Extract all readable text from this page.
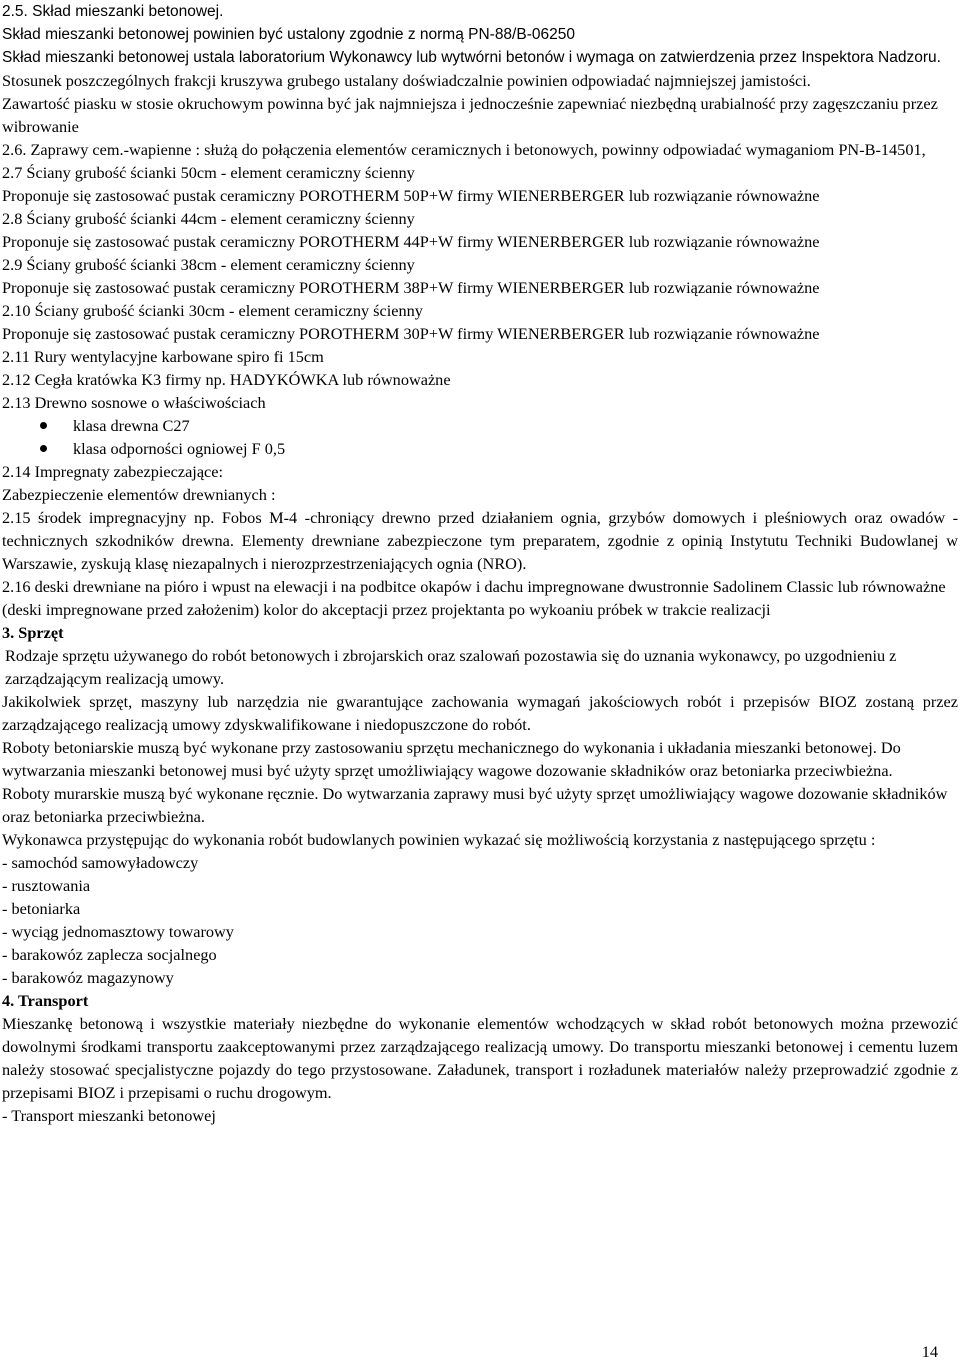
2.5. Skład mieszanki betonowej.

Skład mieszanki betonowej powinien być ustalony zgodnie z normą PN-88/B-06250

Skład mieszanki betonowej ustala laboratorium Wykonawcy lub wytwórni betonów i wymaga on zatwierdzenia przez Inspektora Nadzoru.

Stosunek poszczególnych frakcji kruszywa grubego ustalany doświadczalnie powinien odpowiadać najmniejszej jamistości.

Zawartość piasku w stosie okruchowym powinna być jak najmniejsza i jednocześnie zapewniać niezbędną urabialność przy zagęszczaniu przez wibrowanie

2.6. Zaprawy cem.-wapienne : służą do połączenia elementów ceramicznych i betonowych, powinny odpowiadać wymaganiom PN-B-14501,

2.7 Ściany grubość ścianki 50cm - element ceramiczny ścienny

Proponuje się zastosować pustak ceramiczny POROTHERM 50P+W firmy WIENERBERGER lub rozwiązanie równoważne

2.8 Ściany grubość ścianki 44cm - element ceramiczny ścienny

Proponuje się zastosować pustak ceramiczny POROTHERM 44P+W firmy WIENERBERGER lub rozwiązanie równoważne

2.9 Ściany grubość ścianki 38cm - element ceramiczny ścienny

Proponuje się zastosować pustak ceramiczny POROTHERM 38P+W firmy WIENERBERGER lub rozwiązanie równoważne

2.10 Ściany grubość ścianki 30cm - element ceramiczny ścienny

Proponuje się zastosować pustak ceramiczny POROTHERM 30P+W firmy WIENERBERGER lub rozwiązanie równoważne

2.11 Rury wentylacyjne karbowane spiro fi 15cm

2.12 Cegła kratówka K3 firmy np. HADYKÓWKA lub równoważne

2.13 Drewno sosnowe o właściwościach

klasa drewna C27
klasa odporności ogniowej F 0,5

2.14 Impregnaty zabezpieczające:

Zabezpieczenie elementów drewnianych :

2.15 środek impregnacyjny np. Fobos M-4 -chroniący drewno przed działaniem ognia, grzybów domowych i pleśniowych oraz owadów - technicznych szkodników drewna. Elementy drewniane zabezpieczone tym preparatem, zgodnie z opinią Instytutu Techniki Budowlanej w Warszawie, zyskują klasę niezapalnych i nierozprzestrzeniających ognia (NRO).

2.16 deski drewniane na pióro i wpust na elewacji i na podbitce okapów i dachu impregnowane dwustronnie Sadolinem Classic lub równoważne (deski impregnowane przed założenim) kolor do akceptacji przez projektanta po wykoaniu próbek w trakcie realizacji

3. Sprzęt

Rodzaje sprzętu używanego do robót betonowych i zbrojarskich oraz szalowań pozostawia się do uznania wykonawcy, po uzgodnieniu z zarządzającym realizacją umowy.

Jakikolwiek sprzęt, maszyny lub narzędzia nie gwarantujące zachowania wymagań jakościowych robót i przepisów BIOZ zostaną przez zarządzającego realizacją umowy zdyskwalifikowane i niedopuszczone do robót.

Roboty betoniarskie muszą być wykonane przy zastosowaniu sprzętu mechanicznego do wykonania i układania mieszanki betonowej. Do wytwarzania mieszanki betonowej musi być użyty sprzęt umożliwiający wagowe dozowanie składników oraz betoniarka przeciwbieżna.

Roboty murarskie muszą być wykonane ręcznie. Do wytwarzania zaprawy musi być użyty sprzęt umożliwiający wagowe dozowanie składników oraz betoniarka przeciwbieżna.

Wykonawca przystępując do wykonania robót budowlanych powinien wykazać się możliwością korzystania z następującego sprzętu :

- samochód samowyładowczy

- rusztowania

- betoniarka

- wyciąg jednomasztowy towarowy

- barakowóz zaplecza socjalnego

- barakowóz magazynowy

4. Transport

Mieszankę betonową i wszystkie materiały niezbędne do wykonanie elementów wchodzących w skład robót betonowych można przewozić dowolnymi środkami transportu zaakceptowanymi przez zarządzającego realizacją umowy. Do transportu mieszanki betonowej i cementu luzem należy stosować specjalistyczne pojazdy do tego przystosowane. Załadunek, transport i rozładunek materiałów należy przeprowadzić zgodnie z przepisami BIOZ i przepisami o ruchu drogowym.

- Transport mieszanki betonowej

14
